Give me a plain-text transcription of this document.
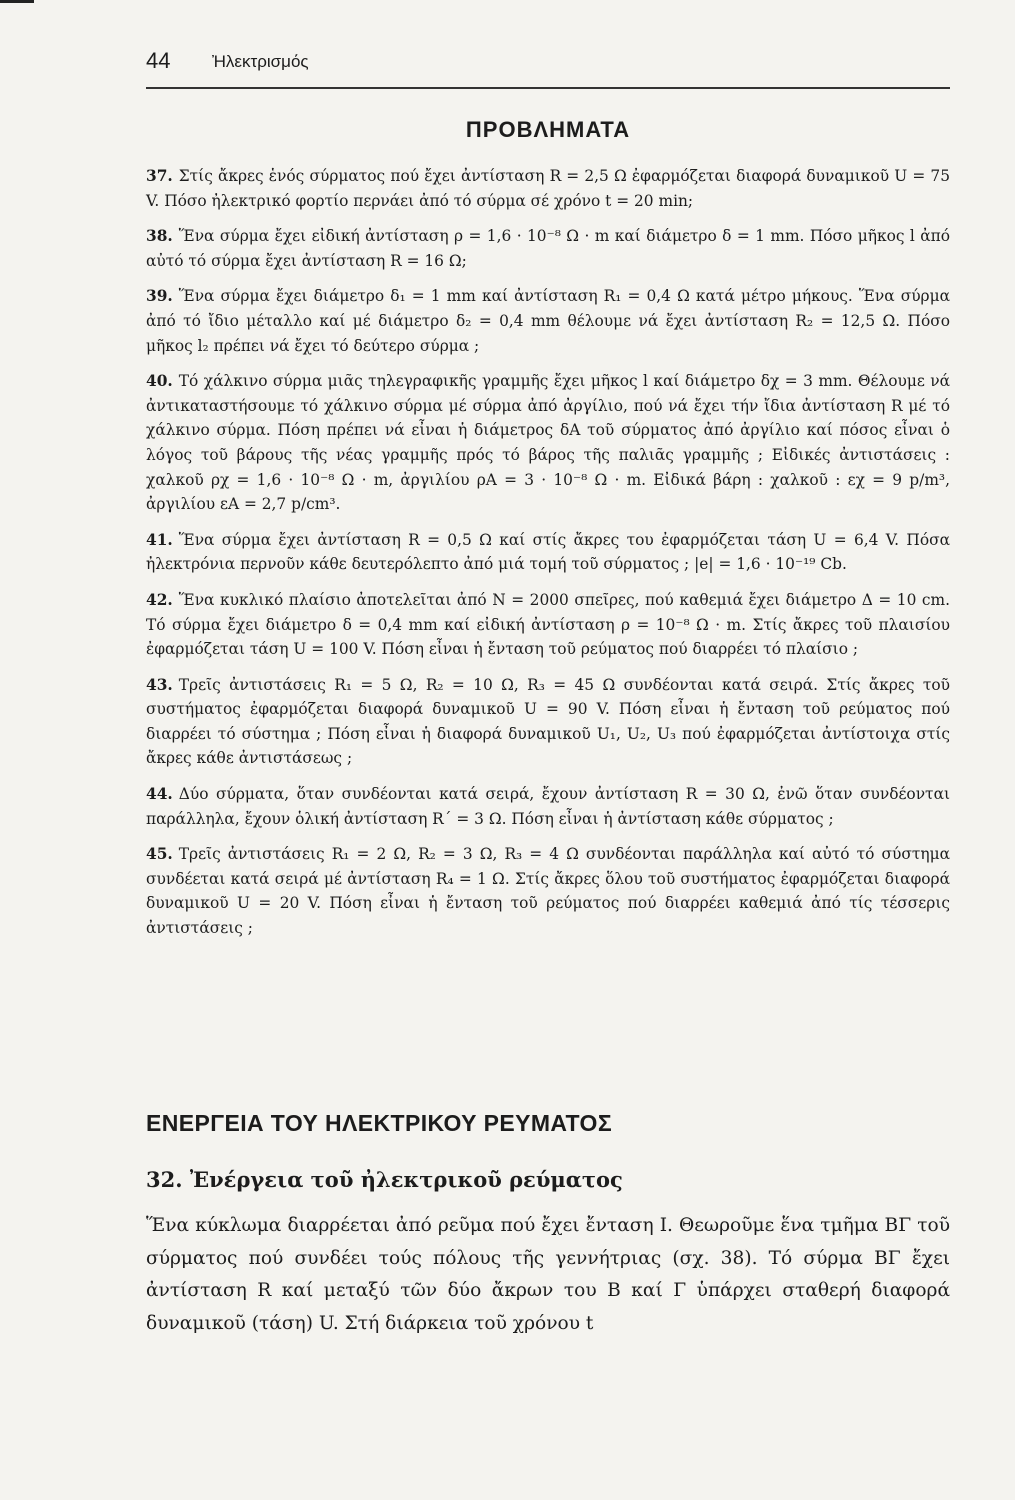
44 Ἠλεκτρισμός
ΠΡΟΒΛΗΜΑΤΑ

37. Στίς ἄκρες ἑνός σύρματος πού ἔχει ἀντίσταση R = 2,5 Ω ἐφαρμόζεται διαφορά δυναμικοῦ U = 75 V. Πόσο ἠλεκτρικό φορτίο περνάει ἀπό τό σύρμα σέ χρόνο t = 20 min;

38. Ἕνα σύρμα ἔχει εἰδική ἀντίσταση ρ = 1,6 · 10⁻⁸ Ω · m καί διάμετρο δ = 1 mm. Πόσο μῆκος l ἀπό αὐτό τό σύρμα ἔχει ἀντίσταση R = 16 Ω;

39. Ἕνα σύρμα ἔχει διάμετρο δ₁ = 1 mm καί ἀντίσταση R₁ = 0,4 Ω κατά μέτρο μήκους. Ἕνα σύρμα ἀπό τό ἴδιο μέταλλο καί μέ διάμετρο δ₂ = 0,4 mm θέλουμε νά ἔχει ἀντίσταση R₂ = 12,5 Ω. Πόσο μῆκος l₂ πρέπει νά ἔχει τό δεύτερο σύρμα ;

40. Τό χάλκινο σύρμα μιᾶς τηλεγραφικῆς γραμμῆς ἔχει μῆκος l καί διάμετρο δχ = 3 mm. Θέλουμε νά ἀντικαταστήσουμε τό χάλκινο σύρμα μέ σύρμα ἀπό ἀργίλιο, πού νά ἔχει τήν ἴδια ἀντίσταση R μέ τό χάλκινο σύρμα. Πόση πρέπει νά εἶναι ἡ διάμετρος δA τοῦ σύρματος ἀπό ἀργίλιο καί πόσος εἶναι ὁ λόγος τοῦ βάρους τῆς νέας γραμμῆς πρός τό βάρος τῆς παλιᾶς γραμμῆς ; Εἰδικές ἀντιστάσεις : χαλκοῦ ρχ = 1,6 · 10⁻⁸ Ω · m, ἀργιλίου ρA = 3 · 10⁻⁸ Ω · m. Εἰδικά βάρη : χαλκοῦ : εχ = 9 p/m³, ἀργιλίου εA = 2,7 p/cm³.

41. Ἕνα σύρμα ἔχει ἀντίσταση R = 0,5 Ω καί στίς ἄκρες του ἐφαρμόζεται τάση U = 6,4 V. Πόσα ἠλεκτρόνια περνοῦν κάθε δευτερόλεπτο ἀπό μιά τομή τοῦ σύρματος ; |e| = 1,6 · 10⁻¹⁹ Cb.

42. Ἕνα κυκλικό πλαίσιο ἀποτελεῖται ἀπό N = 2000 σπεῖρες, πού καθεμιά ἔχει διάμετρο Δ = 10 cm. Τό σύρμα ἔχει διάμετρο δ = 0,4 mm καί εἰδική ἀντίσταση ρ = 10⁻⁸ Ω · m. Στίς ἄκρες τοῦ πλαισίου ἐφαρμόζεται τάση U = 100 V. Πόση εἶναι ἡ ἔνταση τοῦ ρεύματος πού διαρρέει τό πλαίσιο ;

43. Τρεῖς ἀντιστάσεις R₁ = 5 Ω, R₂ = 10 Ω, R₃ = 45 Ω συνδέονται κατά σειρά. Στίς ἄκρες τοῦ συστήματος ἐφαρμόζεται διαφορά δυναμικοῦ U = 90 V. Πόση εἶναι ἡ ἔνταση τοῦ ρεύματος πού διαρρέει τό σύστημα ; Πόση εἶναι ἡ διαφορά δυναμικοῦ U₁, U₂, U₃ πού ἐφαρμόζεται ἀντίστοιχα στίς ἄκρες κάθε ἀντιστάσεως ;

44. Δύο σύρματα, ὅταν συνδέονται κατά σειρά, ἔχουν ἀντίσταση R = 30 Ω, ἐνῶ ὅταν συνδέονται παράλληλα, ἔχουν ὁλική ἀντίσταση R΄ = 3 Ω. Πόση εἶναι ἡ ἀντίσταση κάθε σύρματος ;

45. Τρεῖς ἀντιστάσεις R₁ = 2 Ω, R₂ = 3 Ω, R₃ = 4 Ω συνδέονται παράλληλα καί αὐτό τό σύστημα συνδέεται κατά σειρά μέ ἀντίσταση R₄ = 1 Ω. Στίς ἄκρες ὅλου τοῦ συστήματος ἐφαρμόζεται διαφορά δυναμικοῦ U = 20 V. Πόση εἶναι ἡ ἔνταση τοῦ ρεύματος πού διαρρέει καθεμιά ἀπό τίς τέσσερις ἀντιστάσεις ;

ΕΝΕΡΓΕΙΑ ΤΟΥ ΗΛΕΚΤΡΙΚΟΥ ΡΕΥΜΑΤΟΣ
32. Ἐνέργεια τοῦ ἠλεκτρικοῦ ρεύματος
Ἕνα κύκλωμα διαρρέεται ἀπό ρεῦμα πού ἔχει ἔνταση Ι. Θεωροῦμε ἕνα τμῆμα ΒΓ τοῦ σύρματος πού συνδέει τούς πόλους τῆς γεννήτριας (σχ. 38). Τό σύρμα ΒΓ ἔχει ἀντίσταση R καί μεταξύ τῶν δύο ἄκρων του Β καί Γ ὑπάρχει σταθερή διαφορά δυναμικοῦ (τάση) U. Στή διάρκεια τοῦ χρόνου t
